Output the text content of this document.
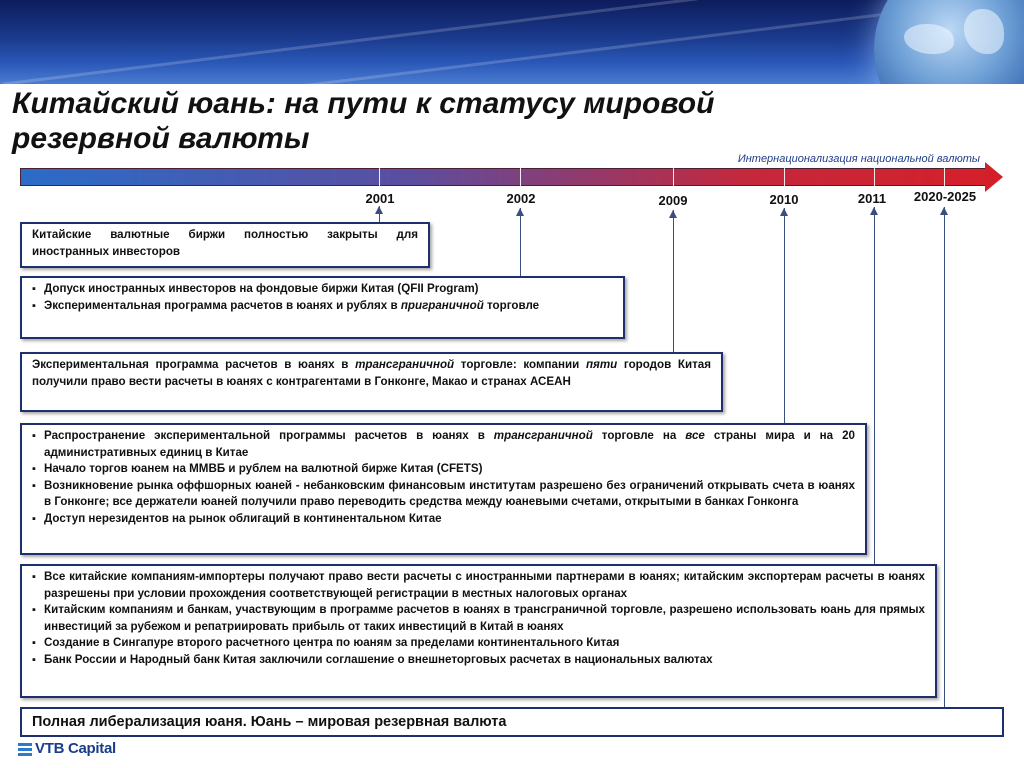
Китайский юань: на пути к статусу мировой резервной валюты
Интернационализация национальной валюты
2001	2002	2009	2010	2011	2020-2025
Китайские валютные биржи полностью закрыты для иностранных инвесторов
▪ Допуск иностранных инвесторов на фондовые биржи Китая (QFII Program)
▪ Экспериментальная программа расчетов в юанях и рублях в приграничной торговле
Экспериментальная программа расчетов в юанях в трансграничной торговле: компании пяти городов Китая получили право вести расчеты в юанях с контрагентами в Гонконге, Макао и странах АСЕАН
▪ Распространение экспериментальной программы расчетов в юанях в трансграничной торговле на все страны мира и на 20 административных единиц в Китае
▪ Начало торгов юанем на ММВБ и рублем на валютной бирже Китая (CFETS)
▪ Возникновение рынка оффшорных юаней - небанковским финансовым институтам разрешено без ограничений открывать счета в юанях в Гонконге; все держатели юаней получили право переводить средства между юаневыми счетами, открытыми в банках Гонконга
▪ Доступ нерезидентов на рынок облигаций в континентальном Китае
▪ Все китайские компаниям-импортеры получают право вести расчеты с иностранными партнерами в юанях; китайским экспортерам расчеты в юанях разрешены при условии прохождения соответствующей регистрации в местных налоговых органах
▪ Китайским компаниям и банкам, участвующим в программе расчетов в юанях в трансграничной торговле, разрешено использовать юань для прямых инвестиций за рубежом и репатриировать прибыль от таких инвестиций в Китай в юанях
▪ Создание в Сингапуре второго расчетного центра по юаням за пределами континентального Китая
▪ Банк России и Народный банк Китая заключили соглашение о внешнеторговых расчетах в национальных валютах
Полная либерализация юаня. Юань – мировая резервная валюта
VTB Capital
